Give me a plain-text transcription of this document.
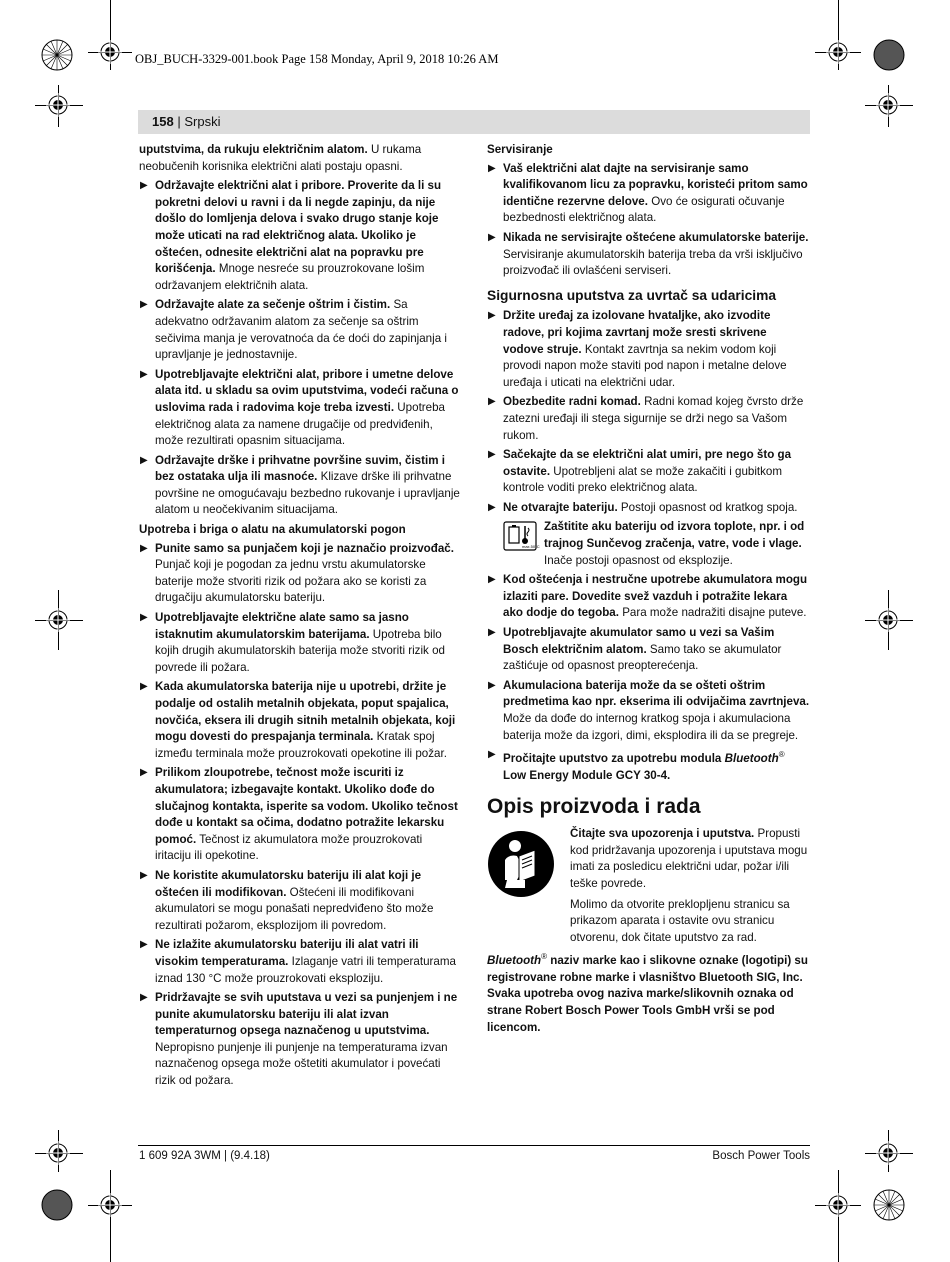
OBJ_BUCH-3329-001.book Page 158 Monday, April 9, 2018 10:26 AM
158 | Srpski

uputstvima, da rukuju električnim alatom. U rukama neobučenih korisnika električni alati postaju opasni.

▶ Održavajte električni alat i pribore. Proverite da li su pokretni delovi u ravni i da li negde zapinju, da nije došlo do lomljenja delova i svako drugo stanje koje može uticati na rad električnog alata. Ukoliko je oštećen, odnesite električni alat na popravku pre korišćenja. Mnoge nesreće su prouzrokovane lošim održavanjem električnih alata.
▶ Održavajte alate za sečenje oštrim i čistim. Sa adekvatno održavanim alatom za sečenje sa oštrim sečivima manja je verovatnoća da će doći do zapinjanja i upravljanje je jednostavnije.
▶ Upotrebljavajte električni alat, pribore i umetne delove alata itd. u skladu sa ovim uputstvima, vodeći računa o uslovima rada i radovima koje treba izvesti. Upotreba električnog alata za namene drugačije od predviđenih, može rezultirati opasnim situacijama.
▶ Održavajte drške i prihvatne površine suvim, čistim i bez ostataka ulja ili masnoće. Klizave drške ili prihvatne površine ne omogućavaju bezbedno rukovanje i upravljanje alatom u neočekivanim situacijama.
Upotreba i briga o alatu na akumulatorski pogon
▶ Punite samo sa punjačem koji je naznačio proizvođač. Punjač koji je pogodan za jednu vrstu akumulatorske baterije može stvoriti rizik od požara ako se koristi za drugačiju akumulatorsku bateriju.
▶ Upotrebljavajte električne alate samo sa jasno istaknutim akumulatorskim baterijama. Upotreba bilo kojih drugih akumulatorskih baterija može stvoriti rizik od povrede ili požara.
▶ Kada akumulatorska baterija nije u upotrebi, držite je podalje od ostalih metalnih objekata, poput spajalica, novčića, eksera ili drugih sitnih metalnih objekata, koji mogu dovesti do prespajanja terminala. Kratak spoj između terminala može prouzrokovati opekotine ili požar.
▶ Prilikom zloupotrebe, tečnost može iscuriti iz akumulatora; izbegavajte kontakt. Ukoliko dođe do slučajnog kontakta, isperite sa vodom. Ukoliko tečnost dođe u kontakt sa očima, dodatno potražite lekarsku pomoć. Tečnost iz akumulatora može prouzrokovati iritaciju ili opekotine.
▶ Ne koristite akumulatorsku bateriju ili alat koji je oštećen ili modifikovan. Oštećeni ili modifikovani akumulatori se mogu ponašati nepredviđeno što može rezultirati požarom, eksplozijom ili povredom.
▶ Ne izlažite akumulatorsku bateriju ili alat vatri ili visokim temperaturama. Izlaganje vatri ili temperaturama iznad 130 °C može prouzrokovati eksploziju.
▶ Pridržavajte se svih uputstava u vezi sa punjenjem i ne punite akumulatorsku bateriju ili alat izvan temperaturnog opsega naznačenog u uputstvima. Nepropisno punjenje ili punjenje na temperaturama izvan naznačenog opsega može oštetiti akumulator i povećati rizik od požara.
Servisiranje
▶ Vaš električni alat dajte na servisiranje samo kvalifikovanom licu za popravku, koristeći pritom samo identične rezervne delove. Ovo će osigurati očuvanje bezbednosti električnog alata.
▶ Nikada ne servisirajte oštećene akumulatorske baterije. Servisiranje akumulatorskih baterija treba da vrši isključivo proizvođač ili ovlašćeni serviseri.
Sigurnosna uputstva za uvrtač sa udaricima
▶ Držite uređaj za izolovane hvataljke, ako izvodite radove, pri kojima zavrtanj može sresti skrivene vodove struje. Kontakt zavrtnja sa nekim vodom koji provodi napon može staviti pod napon i metalne delove uređaja i uticati na električni udar.
▶ Obezbedite radni komad. Radni komad kojeg čvrsto drže zatezni uređaji ili stega sigurnije se drži nego sa Vašom rukom.
▶ Sačekajte da se električni alat umiri, pre nego što ga ostavite. Upotrebljeni alat se može zakačiti i gubitkom kontrole voditi preko električnog alata.
▶ Ne otvarajte bateriju. Postoji opasnost od kratkog spoja.
max.50°C
Zaštitite aku bateriju od izvora toplote, npr. i od trajnog Sunčevog zračenja, vatre, vode i vlage. Inače postoji opasnost od eksplozije.
▶ Kod oštećenja i nestručne upotrebe akumulatora mogu izlaziti pare. Dovedite svež vazduh i potražite lekara ako dodje do tegoba. Para može nadražiti disajne puteve.
▶ Upotrebljavajte akumulator samo u vezi sa Vašim Bosch električnim alatom. Samo tako se akumulator zaštićuje od opasnost preopterećenja.
▶ Akumulaciona baterija može da se ošteti oštrim predmetima kao npr. ekserima ili odvijačima zavrtnjeva. Može da dođe do internog kratkog spoja i akumulaciona baterija može da izgori, dimi, eksplodira ili da se pregreje.
▶ Pročitajte uputstvo za upotrebu modula Bluetooth® Low Energy Module GCY 30-4.
Opis proizvoda i rada
Čitajte sva upozorenja i uputstva. Propusti kod pridržavanja upozorenja i uputstava mogu imati za posledicu električni udar, požar i/ili teške povrede.
Molimo da otvorite preklopljenu stranicu sa prikazom aparata i ostavite ovu stranicu otvorenu, dok čitate uputstvo za rad.

Bluetooth® naziv marke kao i slikovne oznake (logotipi) su registrovane robne marke i vlasništvo Bluetooth SIG, Inc. Svaka upotreba ovog naziva marke/slikovnih oznaka od strane Robert Bosch Power Tools GmbH vrši se pod licencom.

1 609 92A 3WM | (9.4.18)	Bosch Power Tools
